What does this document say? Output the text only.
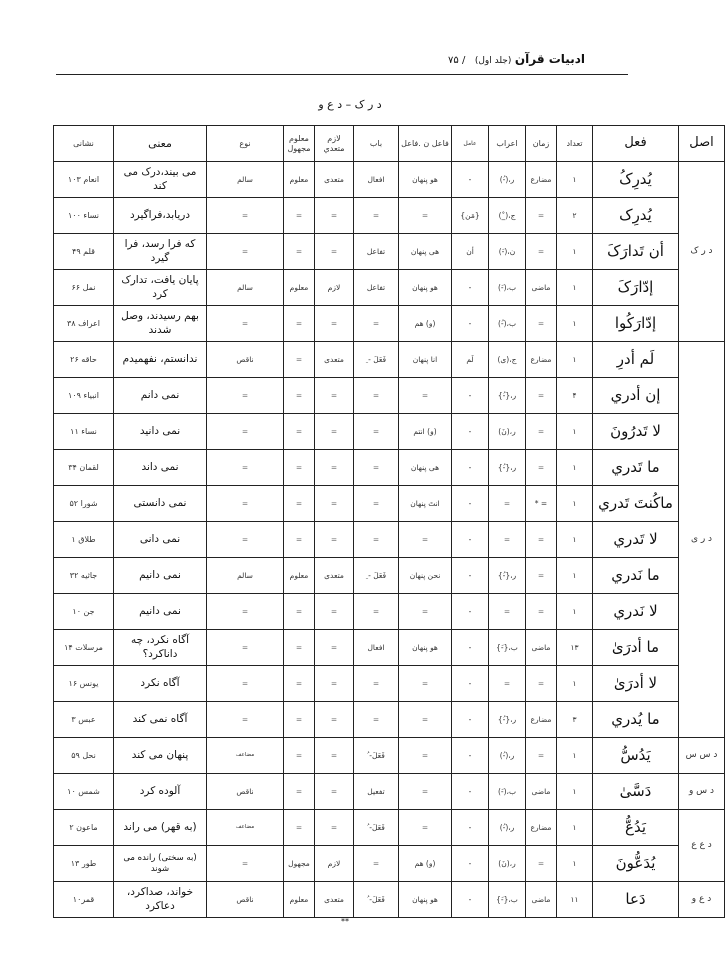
ادبیات قرآن (جلد اول) / ۷۵
د ر ک – د ع و
اصل	فعل	تعداد	زمان	اعراب	عامل	فاعل ن .فاعل	باب	لازم متعدي	معلوم مجهول	نوع	معنی	نشانی
د ر ک	يُدرِکُ	۱	مضارع	ر،(-ُ)	-	هو پنهان	افعال	متعدی	معلوم	سالم	می بیند،درک می کند	انعام ۱۰۳
يُدرِک	۲	=	ج،(_ْ)	{مَن}	=	=	=	=	=	دریابد،فراگیرد	نساء ۱۰۰
أن تَدارَکَ	۱	=	ن،(-َ)	أن	هی پنهان	تفاعل	=	=	=	که فرا رسد، فرا گیرد	قلم ۴۹
إدّارَکَ	۱	ماضی	ب،(-َ)	-	هو پنهان	تفاعل	لازم	معلوم	سالم	پایان یافت، تدارک کرد	نمل ۶۶
إدّارَکُوا	۱	=	ب،(-ُ)	-	(و) هم	=	=	=	=	بهم رسیدند، وصل شدند	اعراف ۳۸
د ر ی	لَم أدرِ	۱	مضارع	ج،(ی)	لَم	انا پنهان	فَعَلَ - ِ	متعدی	=	ناقص	ندانستم، نفهمیدم	حاقه ۲۶
إن أدري	۴	=	ر،{-ُ}	-	=	=	=	=	=	نمی دانم	انبیاء ۱۰۹
لا تَدرُونَ	۱	=	ر،(نَ)	-	(و) انتم	=	=	=	=	نمی دانید	نساء ۱۱
ما تَدري	۱	=	ر،{-ُ}	-	هی پنهان	=	=	=	=	نمی داند	لقمان ۳۴
ماكُنتَ تَدري	۱	= *	=	-	انتَ پنهان	=	=	=	=	نمی دانستی	شورا ۵۲
لا تَدري	۱	=	=	-	=	=	=	=	=	نمی دانی	طلاق ۱
ما نَدري	۱	=	ر،{-ُ}	-	نحن پنهان	فَعَلَ - ِ	متعدی	معلوم	سالم	نمی دانیم	جاثیه ۳۲
لا نَدري	۱	=	=	-	=	=	=	=	=	نمی دانیم	جن ۱۰
ما أدرَىٰ	۱۳	ماضی	ب،{-َ}	-	هو پنهان	افعال	=	=	=	آگاه نکرد، چه داناکرد؟	مرسلات ۱۴
لا أدرَىٰ	۱	=	=	-	=	=	=	=	=	آگاه نکرد	یونس ۱۶
ما يُدري	۳	مضارع	ر،{-ُ}	-	=	=	=	=	=	آگاه نمی کند	عبس ۳
د س س	يَدُسُّ	۱	=	ر،(-ُ)	-	=	فَعَلَ- ُ	=	=	مضاعف	پنهان می کند	نحل ۵۹
د س و	دَسَّىٰ	۱	ماضی	ب،(-َ)	-	=	تفعیل	=	=	ناقص	آلوده کرد	شمس ۱۰
د ع ع	يَدُعُّ	۱	مضارع	ر،(-ُ)	-	=	فَعَلَ- ُ	=	=	مضاعف	(به قهر) می راند	ماعون ۲
يُدَعُّونَ	۱	=	ر،(نَ)	-	(و) هم	=	لازم	مجهول	=	(به سختی) رانده می شوند	طور ۱۳
د ع و	دَعا	۱۱	ماضی	ب،{-َ}	-	هو پنهان	فَعَلَ- ُ	متعدی	معلوم	ناقص	خواند، صداکرد، دعاکرد	قمر۱۰
**
